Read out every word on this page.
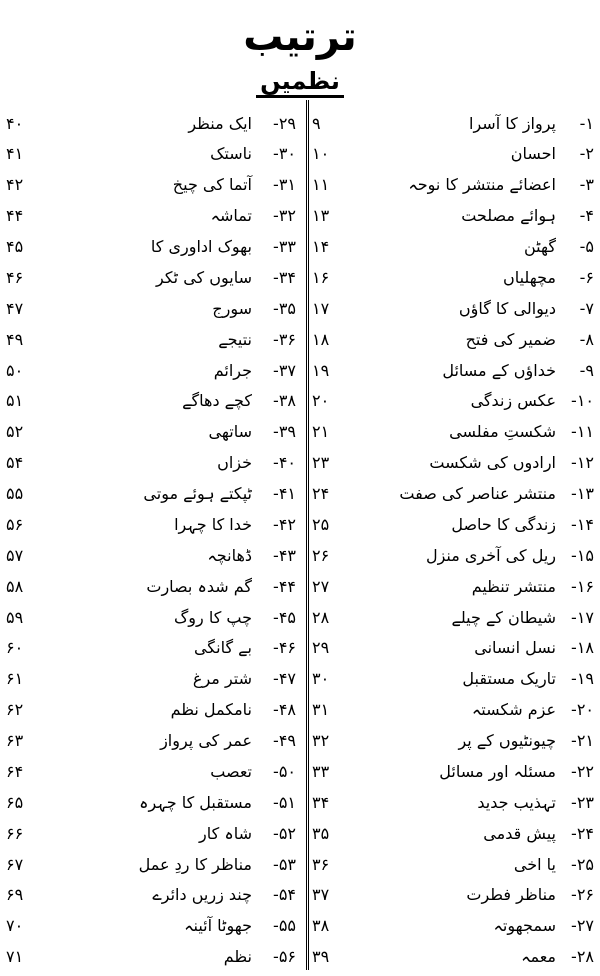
ترتیب
نظمیں
۱-
پرواز کا آسرا
۹
۲-
احسان
۱۰
۳-
اعضائے منتشر کا نوحہ
۱۱
۴-
ہوائے مصلحت
۱۳
۵-
گھٹن
۱۴
۶-
مچھلیاں
۱۶
۷-
دیوالی کا گاؤں
۱۷
۸-
ضمیر کی فتح
۱۸
۹-
خداؤں کے مسائل
۱۹
۱۰-
عکس زندگی
۲۰
۱۱-
شکستِ مفلسی
۲۱
۱۲-
ارادوں کی شکست
۲۳
۱۳-
منتشر عناصر کی صفت
۲۴
۱۴-
زندگی کا حاصل
۲۵
۱۵-
ریل کی آخری منزل
۲۶
۱۶-
منتشر تنظیم
۲۷
۱۷-
شیطان کے چیلے
۲۸
۱۸-
نسلِ انسانی
۲۹
۱۹-
تاریک مستقبل
۳۰
۲۰-
عزم شکستہ
۳۱
۲۱-
چیونٹیوں کے پر
۳۲
۲۲-
مسئلہ اور مسائل
۳۳
۲۳-
تہذیب جدید
۳۴
۲۴-
پیش قدمی
۳۵
۲۵-
یا اخی
۳۶
۲۶-
مناظرِ فطرت
۳۷
۲۷-
سمجھوتہ
۳۸
۲۸-
معمہ
۳۹
۲۹-
ایک منظر
۴۰
۳۰-
ناستک
۴۱
۳۱-
آتما کی چیخ
۴۲
۳۲-
تماشہ
۴۴
۳۳-
بھوک اداوری کا
۴۵
۳۴-
سایوں کی ٹکر
۴۶
۳۵-
سورج
۴۷
۳۶-
نتیجے
۴۹
۳۷-
جرائم
۵۰
۳۸-
کچے دھاگے
۵۱
۳۹-
ساتھی
۵۲
۴۰-
خزاں
۵۴
۴۱-
ٹپکتے ہوئے موتی
۵۵
۴۲-
خدا کا چہرا
۵۶
۴۳-
ڈھانچہ
۵۷
۴۴-
گم شدہ بصارت
۵۸
۴۵-
چپ کا روگ
۵۹
۴۶-
بے گانگی
۶۰
۴۷-
شتر مرغ
۶۱
۴۸-
نامکمل نظم
۶۲
۴۹-
عمر کی پرواز
۶۳
۵۰-
تعصب
۶۴
۵۱-
مستقبل کا چہرہ
۶۵
۵۲-
شاہ کار
۶۶
۵۳-
مناظر کا ردِ عمل
۶۷
۵۴-
چند زریں دائرے
۶۹
۵۵-
جھوٹا آئینہ
۷۰
۵۶-
نظم
۷۱
